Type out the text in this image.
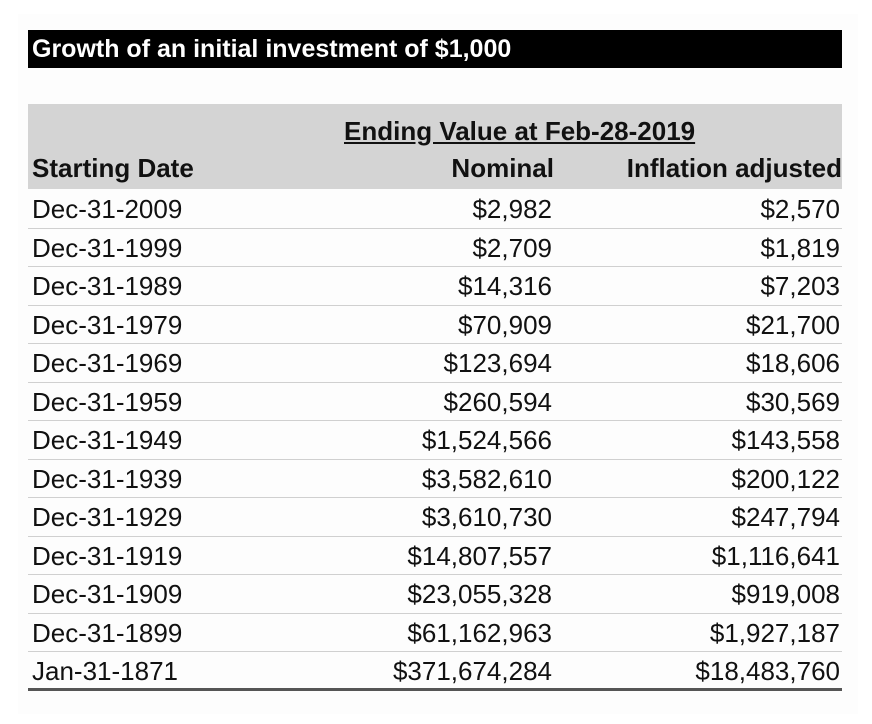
Growth of an initial investment of $1,000
Ending Value at Feb-28-2019
Starting Date	Nominal	Inflation adjusted
Dec-31-2009	$2,982	$2,570
Dec-31-1999	$2,709	$1,819
Dec-31-1989	$14,316	$7,203
Dec-31-1979	$70,909	$21,700
Dec-31-1969	$123,694	$18,606
Dec-31-1959	$260,594	$30,569
Dec-31-1949	$1,524,566	$143,558
Dec-31-1939	$3,582,610	$200,122
Dec-31-1929	$3,610,730	$247,794
Dec-31-1919	$14,807,557	$1,116,641
Dec-31-1909	$23,055,328	$919,008
Dec-31-1899	$61,162,963	$1,927,187
Jan-31-1871	$371,674,284	$18,483,760
